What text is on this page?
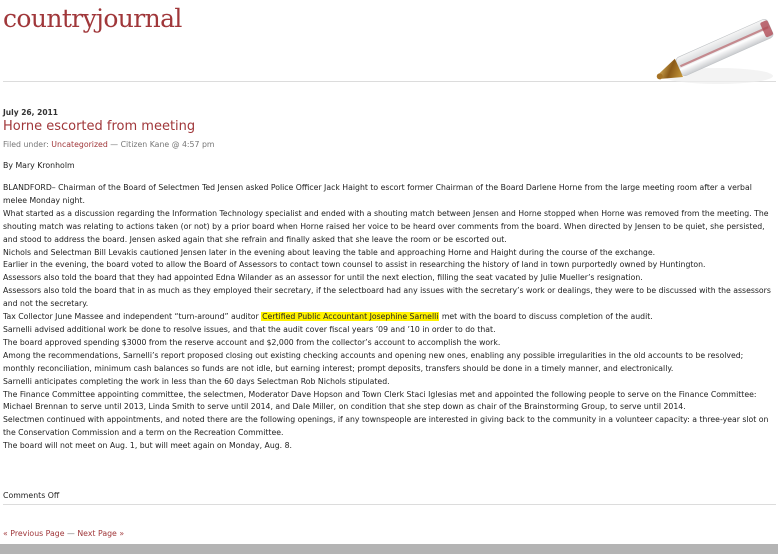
countryjournal
July 26, 2011
Horne escorted from meeting
Filed under: Uncategorized — Citizen Kane @ 4:57 pm
By Mary Kronholm

BLANDFORD– Chairman of the Board of Selectmen Ted Jensen asked Police Officer Jack Haight to escort former Chairman of the Board Darlene Horne from the large meeting room after a verbal melee Monday night.

What started as a discussion regarding the Information Technology specialist and ended with a shouting match between Jensen and Horne stopped when Horne was removed from the meeting. The shouting match was relating to actions taken (or not) by a prior board when Horne raised her voice to be heard over comments from the board. When directed by Jensen to be quiet, she persisted, and stood to address the board. Jensen asked again that she refrain and finally asked that she leave the room or be escorted out.

Nichols and Selectman Bill Levakis cautioned Jensen later in the evening about leaving the table and approaching Horne and Haight during the course of the exchange.

Earlier in the evening, the board voted to allow the Board of Assessors to contact town counsel to assist in researching the history of land in town purportedly owned by Huntington.

Assessors also told the board that they had appointed Edna Wilander as an assessor for until the next election, filling the seat vacated by Julie Mueller’s resignation.

Assessors also told the board that in as much as they employed their secretary, if the selectboard had any issues with the secretary’s work or dealings, they were to be discussed with the assessors and not the secretary.

Tax Collector June Massee and independent “turn-around” auditor Certified Public Accountant Josephine Sarnelli met with the board to discuss completion of the audit.

Sarnelli advised additional work be done to resolve issues, and that the audit cover fiscal years ’09 and ’10 in order to do that.

The board approved spending $3000 from the reserve account and $2,000 from the collector’s account to accomplish the work.

Among the recommendations, Sarnelli’s report proposed closing out existing checking accounts and opening new ones, enabling any possible irregularities in the old accounts to be resolved; monthly reconciliation, minimum cash balances so funds are not idle, but earning interest; prompt deposits, transfers should be done in a timely manner, and electronically.

Sarnelli anticipates completing the work in less than the 60 days Selectman Rob Nichols stipulated.

The Finance Committee appointing committee, the selectmen, Moderator Dave Hopson and Town Clerk Staci Iglesias met and appointed the following people to serve on the Finance Committee: Michael Brennan to serve until 2013, Linda Smith to serve until 2014, and Dale Miller, on condition that she step down as chair of the Brainstorming Group, to serve until 2014.

Selectmen continued with appointments, and noted there are the following openings, if any townspeople are interested in giving back to the community in a volunteer capacity: a three-year slot on the Conservation Commission and a term on the Recreation Committee.

The board will not meet on Aug. 1, but will meet again on Monday, Aug. 8.

Comments Off
« Previous Page — Next Page »
